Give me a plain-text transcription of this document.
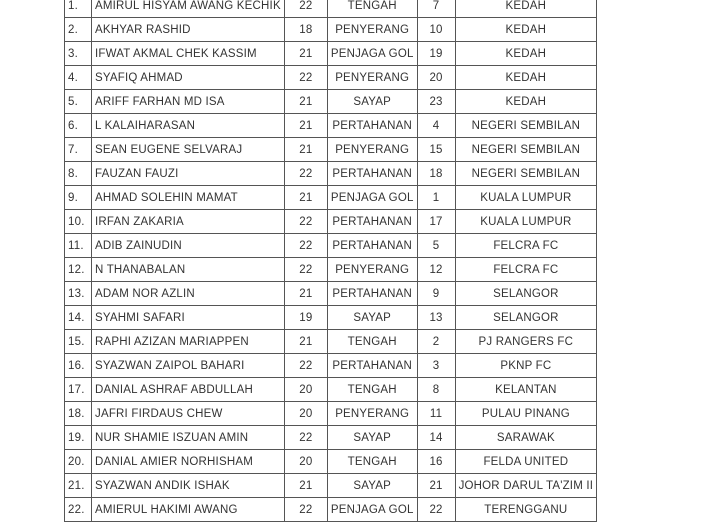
1.	AMIRUL HISYAM AWANG KECHIK	22	TENGAH	7	KEDAH
2.	AKHYAR RASHID	18	PENYERANG	10	KEDAH
3.	IFWAT AKMAL CHEK KASSIM	21	PENJAGA GOL	19	KEDAH
4.	SYAFIQ AHMAD	22	PENYERANG	20	KEDAH
5.	ARIFF FARHAN MD ISA	21	SAYAP	23	KEDAH
6.	L KALAIHARASAN	21	PERTAHANAN	4	NEGERI SEMBILAN
7.	SEAN EUGENE SELVARAJ	21	PENYERANG	15	NEGERI SEMBILAN
8.	FAUZAN FAUZI	22	PERTAHANAN	18	NEGERI SEMBILAN
9.	AHMAD SOLEHIN MAMAT	21	PENJAGA GOL	1	KUALA LUMPUR
10.	IRFAN ZAKARIA	22	PERTAHANAN	17	KUALA LUMPUR
11.	ADIB ZAINUDIN	22	PERTAHANAN	5	FELCRA FC
12.	N THANABALAN	22	PENYERANG	12	FELCRA FC
13.	ADAM NOR AZLIN	21	PERTAHANAN	9	SELANGOR
14.	SYAHMI SAFARI	19	SAYAP	13	SELANGOR
15.	RAPHI AZIZAN MARIAPPEN	21	TENGAH	2	PJ RANGERS FC
16.	SYAZWAN ZAIPOL BAHARI	22	PERTAHANAN	3	PKNP FC
17.	DANIAL ASHRAF ABDULLAH	20	TENGAH	8	KELANTAN
18.	JAFRI FIRDAUS CHEW	20	PENYERANG	11	PULAU PINANG
19.	NUR SHAMIE ISZUAN AMIN	22	SAYAP	14	SARAWAK
20.	DANIAL AMIER NORHISHAM	20	TENGAH	16	FELDA UNITED
21.	SYAZWAN ANDIK ISHAK	21	SAYAP	21	JOHOR DARUL TA'ZIM II
22.	AMIERUL HAKIMI AWANG	22	PENJAGA GOL	22	TERENGGANU
